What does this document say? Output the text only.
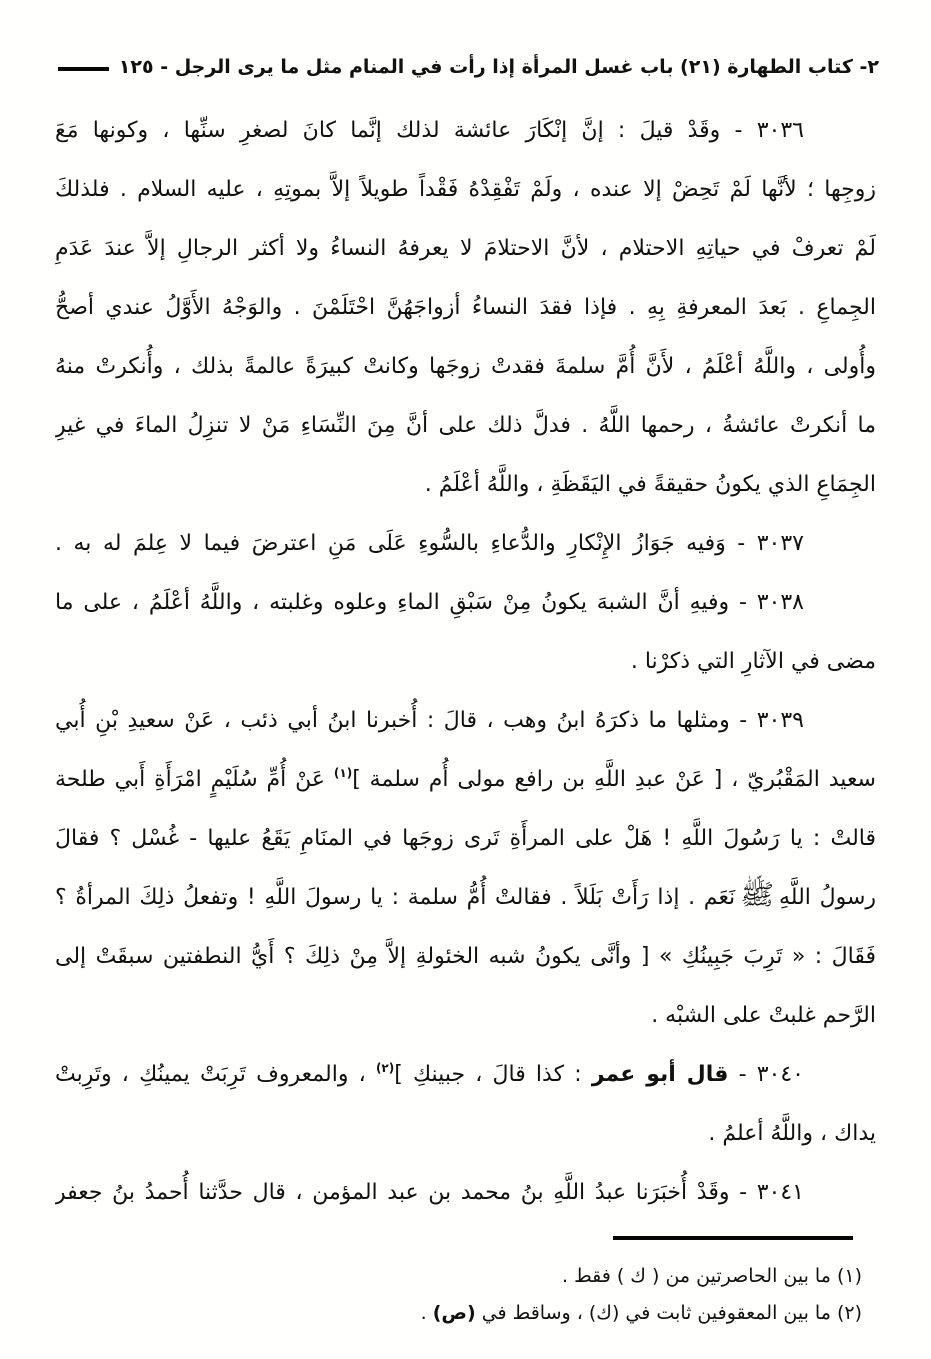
٢- كتاب الطهارة (٢١) باب غسل المرأة إذا رأت في المنام مثل ما يرى الرجل - ١٢٥
٣٠٣٦ - وقَدْ قيلَ : إنَّ إنْكَارَ عائشة لذلك إنَّما كانَ لصغرِ سنِّها ، وكونها مَعَ
زوجِها ؛ لأنَّها لَمْ تَحِضْ إلا عنده ، ولَمْ تَفْقِدْهُ فَقْداً طويلاً إلاَّ بموتِهِ ، عليه السلام . فلذلكَ
لَمْ تعرفْ في حياتِهِ الاحتلام ، لأنَّ الاحتلامَ لا يعرفهُ النساءُ ولا أكثر الرجالِ إلاَّ عندَ عَدَمِ
الجِماعِ . بَعدَ المعرفةِ بِهِ . فإذا فقدَ النساءُ أزواجَهُنَّ احْتَلَمْنَ . والوَجْهُ الأَوَّلُ عندي أصحُّ
وأُولى ، واللَّهُ أعْلَمُ ، لأَنَّ أُمَّ سلمةَ فقدتْ زوجَها وكانتْ كبيرَةً عالمةً بذلك ، وأُنكرتْ منهُ
ما أنكرتْ عائشةُ ، رحمها اللَّهُ . فدلَّ ذلك على أنَّ مِنَ النِّسَاءِ مَنْ لا تنزِلُ الماءَ في غيرِ
الجِمَاعِ الذي يكونُ حقيقةً في اليَقَظَةِ ، واللَّهُ أعْلَمُ .
٣٠٣٧ - وَفيه جَوَازُ الإِنْكارِ والدُّعاءِ بالسُّوءِ عَلَى مَنِ اعترضَ فيما لا عِلمَ له به .
٣٠٣٨ - وفيهِ أنَّ الشبهَ يكونُ مِنْ سَبْقِ الماءِ وعلوه وغلبته ، واللَّهُ أعْلَمُ ، على ما
مضى في الآثارِ التي ذكرْنا .
٣٠٣٩ - ومثلها ما ذكرَهُ ابنُ وهب ، قالَ : أُخبرنا ابنُ أبي ذئب ، عَنْ سعيدِ بْنِ أُبي
سعيد المَقْبُريّ ، [ عَنْ عبدِ اللَّهِ بن رافع مولى أُم سلمة ]$^{(١)}$ عَنْ أُمِّ سُلَيْمٍ امْرَأَةِ أَبي طلحة
قالتْ : يا رَسُولَ اللَّهِ ! هَلْ على المرأَةِ تَرى زوجَها في المنَامِ يَقَعُ عليها - غُسْل ؟ فقالَ
رسولُ اللَّهِﷺنَعَم . إذا رَأَتْ بَلَلاً . فقالتْ أُمُّ سلمة : يا رسولَ اللَّهِ ! وتفعلُ ذلِكَ المرأةُ ؟
فَقَالَ : « تَرِبَ جَبِينُكِ » [ وأنَّى يكونُ شبه الخئولةِ إلاَّ مِنْ ذلِكَ ؟ أَيُّ النطفتين سبقَتْ إلى
الرَّحم غلبتْ على الشبْه .
٣٠٤٠ - قال أبو عمر : كذا قالَ ، جبينكِ ]$^{(٢)}$ ، والمعروف تَرِبَتْ يمينُكِ ، وتَرِبتْ
يداك ، واللَّهُ أعلمُ .
٣٠٤١ - وقَدْ أُخبَرَنا عبدُ اللَّهِ بنُ محمد بن عبد المؤمن ، قال حدَّثنا أُحمدُ بنُ جعفر
(١) ما بين الحاصرتين من ( ك ) فقط .
(٢) ما بين المعقوفين ثابت في (ك) ، وساقط في (ص) .
